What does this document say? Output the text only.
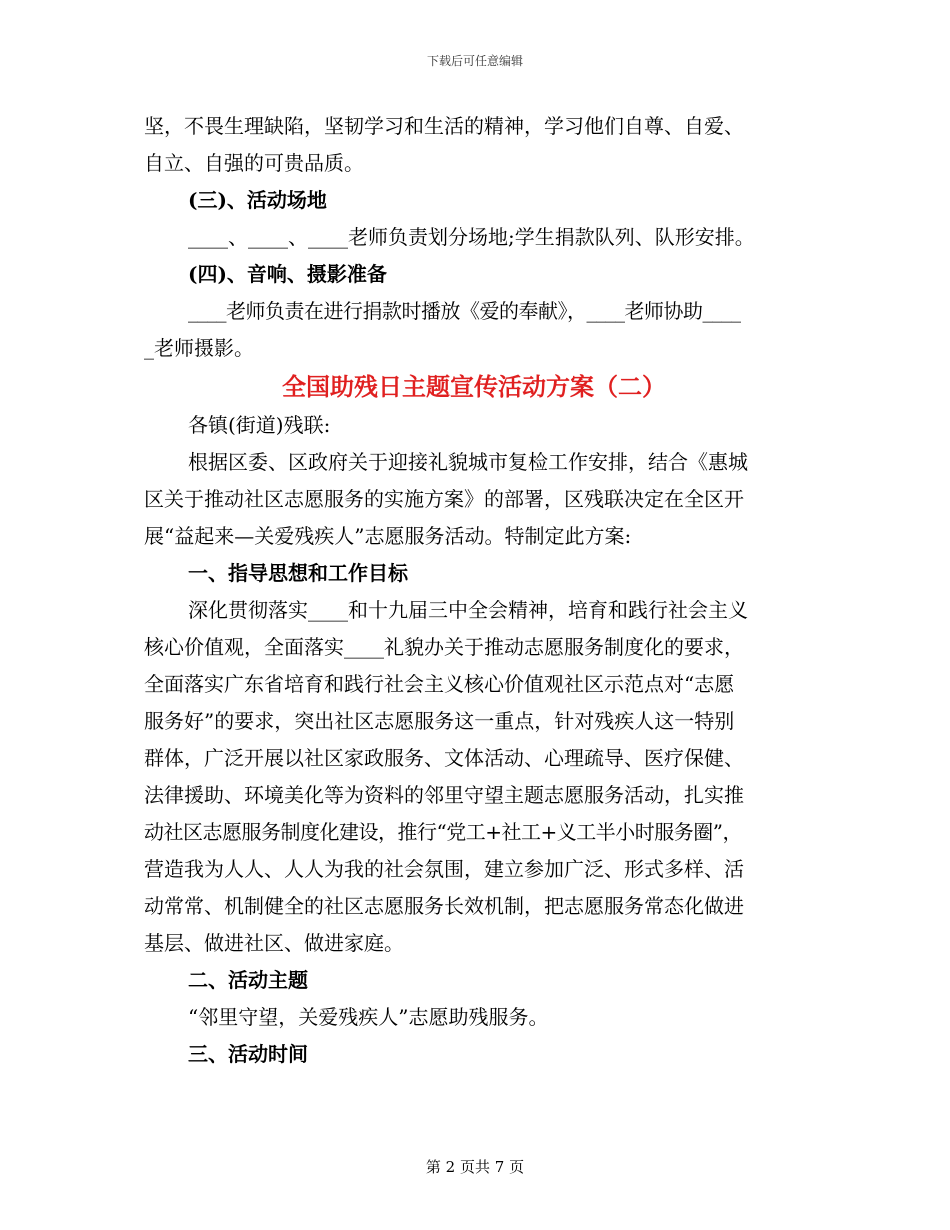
下载后可任意编辑
坚，不畏生理缺陷，坚韧学习和生活的精神，学习他们自尊、自爱、
自立、自强的可贵品质。
(三)、活动场地
____、____、____老师负责划分场地;学生捐款队列、队形安排。
(四)、音响、摄影准备
____老师负责在进行捐款时播放《爱的奉献》，____老师协助____
_老师摄影。
全国助残日主题宣传活动方案（二）
各镇(街道)残联:
根据区委、区政府关于迎接礼貌城市复检工作安排，结合《惠城
区关于推动社区志愿服务的实施方案》的部署，区残联决定在全区开
展“益起来—关爱残疾人”志愿服务活动。特制定此方案:
一、指导思想和工作目标
深化贯彻落实____和十九届三中全会精神，培育和践行社会主义
核心价值观，全面落实____礼貌办关于推动志愿服务制度化的要求，
全面落实广东省培育和践行社会主义核心价值观社区示范点对“志愿
服务好”的要求，突出社区志愿服务这一重点，针对残疾人这一特别
群体，广泛开展以社区家政服务、文体活动、心理疏导、医疗保健、
法律援助、环境美化等为资料的邻里守望主题志愿服务活动，扎实推
动社区志愿服务制度化建设，推行“党工+社工+义工半小时服务圈”，
营造我为人人、人人为我的社会氛围，建立参加广泛、形式多样、活
动常常、机制健全的社区志愿服务长效机制，把志愿服务常态化做进
基层、做进社区、做进家庭。
二、活动主题
“邻里守望，关爱残疾人”志愿助残服务。
三、活动时间
第 2 页共 7 页
